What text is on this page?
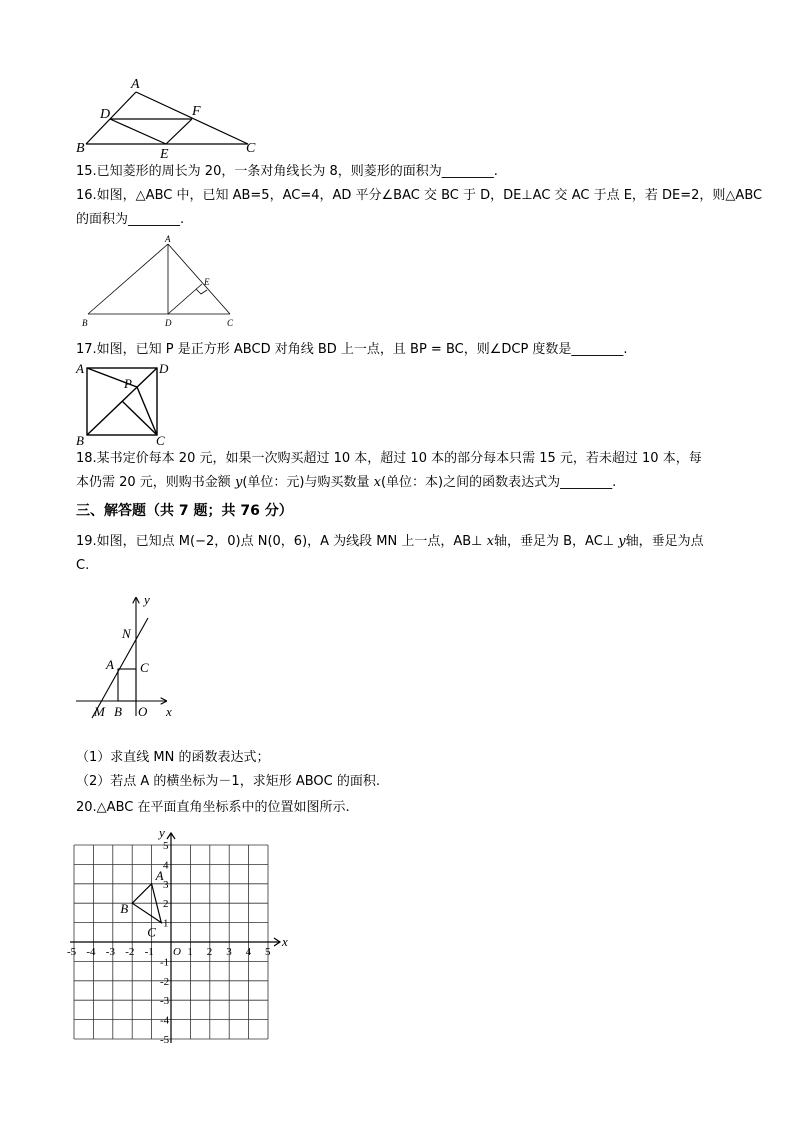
A
D	F
B	E	C
15.已知菱形的周长为 20，一条对角线长为 8，则菱形的面积为________.
16.如图，△ABC 中，已知 AB=5，AC=4，AD 平分∠BAC 交 BC 于 D，DE⊥AC 交 AC 于点 E，若 DE=2，则△ABC
的面积为________.
A
E
B	D	C
17.如图，已知 P 是正方形 ABCD 对角线 BD 上一点，且 BP = BC，则∠DCP 度数是________.
A	D
P
B	C
18.某书定价每本 20 元，如果一次购买超过 10 本，超过 10 本的部分每本只需 15 元，若未超过 10 本，每
本仍需 20 元，则购书金额 y(单位：元)与购买数量 x(单位：本)之间的函数表达式为________.
三、解答题（共 7 题；共 76 分）
19.如图，已知点 M(−2，0)点 N(0，6)，A 为线段 MN 上一点，AB⊥ x轴，垂足为 B，AC⊥ y轴，垂足为点
C.
y
N
A C
M B O x
（1）求直线 MN 的函数表达式；
（2）若点 A 的横坐标为－1，求矩形 ABOC 的面积.
20.△ABC 在平面直角坐标系中的位置如图所示.
-5 -4 -3 -2 -1	1 2 3 4 5
5
4
3
2
1
-1
-2
-3
-4
-5
O
x
y
A
B
C
